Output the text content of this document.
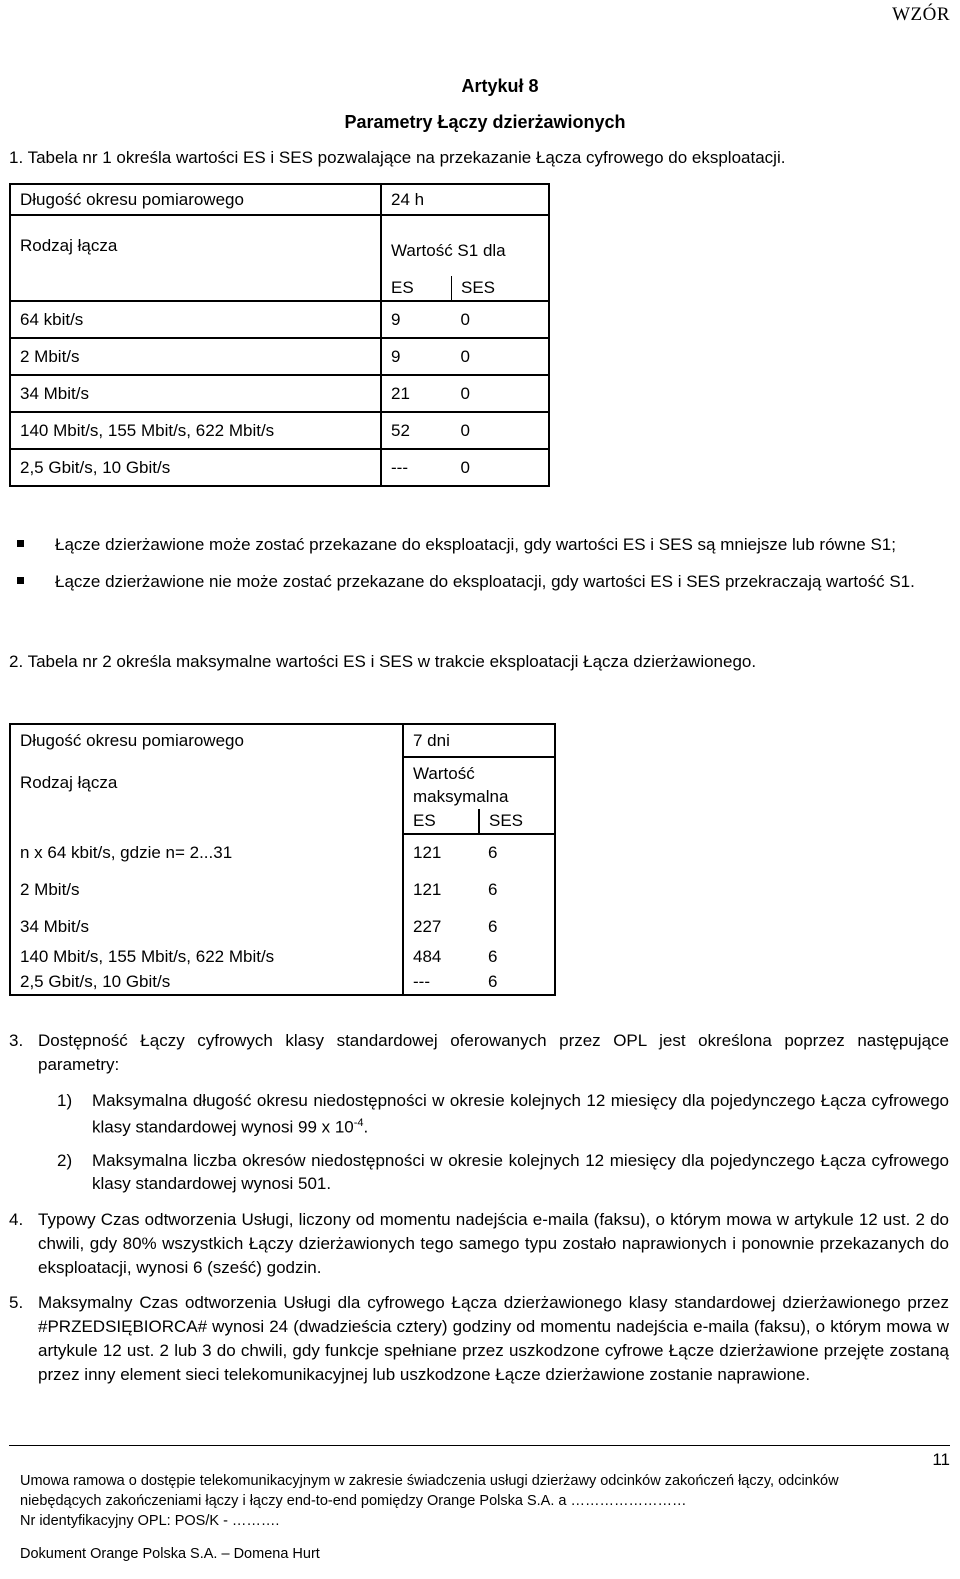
WZÓR
Artykuł 8
Parametry Łączy dzierżawionych
1. Tabela nr 1 określa wartości ES i SES pozwalające na przekazanie Łącza cyfrowego do eksploatacji.
Długość okresu pomiarowego	24 h	
Rodzaj łącza	Wartość S1 dla	
	ES	SES
64 kbit/s	9	0
2 Mbit/s	9	0
34 Mbit/s	21	0
140 Mbit/s, 155 Mbit/s, 622 Mbit/s	52	0
2,5 Gbit/s, 10 Gbit/s	---	0
Łącze dzierżawione może zostać przekazane do eksploatacji, gdy wartości ES i SES są mniejsze lub równe S1;
Łącze dzierżawione nie może zostać przekazane do eksploatacji, gdy wartości ES i SES przekraczają wartość S1.
2. Tabela nr 2 określa maksymalne wartości ES i SES w trakcie eksploatacji Łącza dzierżawionego.
Długość okresu pomiarowego	7 dni	
Rodzaj łącza	Wartość maksymalna	
	ES	SES
n x 64 kbit/s, gdzie n= 2...31	121	6
2 Mbit/s	121	6
34 Mbit/s	227	6
140 Mbit/s, 155 Mbit/s, 622 Mbit/s	484	6
2,5 Gbit/s, 10 Gbit/s	---	6
3. Dostępność Łączy cyfrowych klasy standardowej oferowanych przez OPL jest określona poprzez następujące parametry:
1) Maksymalna długość okresu niedostępności w okresie kolejnych 12 miesięcy dla pojedynczego Łącza cyfrowego klasy standardowej wynosi 99 x $10^{-4}$.
2) Maksymalna liczba okresów niedostępności w okresie kolejnych 12 miesięcy dla pojedynczego Łącza cyfrowego klasy standardowej wynosi 501.
4. Typowy Czas odtworzenia Usługi, liczony od momentu nadejścia e-maila (faksu), o którym mowa w artykule 12 ust. 2 do chwili, gdy 80% wszystkich Łączy dzierżawionych tego samego typu zostało naprawionych i ponownie przekazanych do eksploatacji, wynosi 6 (sześć) godzin.
5. Maksymalny Czas odtworzenia Usługi dla cyfrowego Łącza dzierżawionego klasy standardowej dzierżawionego przez #PRZEDSIĘBIORCA# wynosi 24 (dwadzieścia cztery) godziny od momentu nadejścia e-maila (faksu), o którym mowa w artykule 12 ust. 2 lub 3 do chwili, gdy funkcje spełniane przez uszkodzone cyfrowe Łącze dzierżawione przejęte zostaną przez inny element sieci telekomunikacyjnej lub uszkodzone Łącze dzierżawione zostanie naprawione.
11
Umowa ramowa o dostępie telekomunikacyjnym w zakresie świadczenia usługi dzierżawy odcinków zakończeń łączy, odcinków
niebędących zakończeniami łączy i łączy end-to-end pomiędzy Orange Polska S.A. a ……………………
Nr identyfikacyjny OPL: POS/K - ……….
Dokument Orange Polska S.A. – Domena Hurt
